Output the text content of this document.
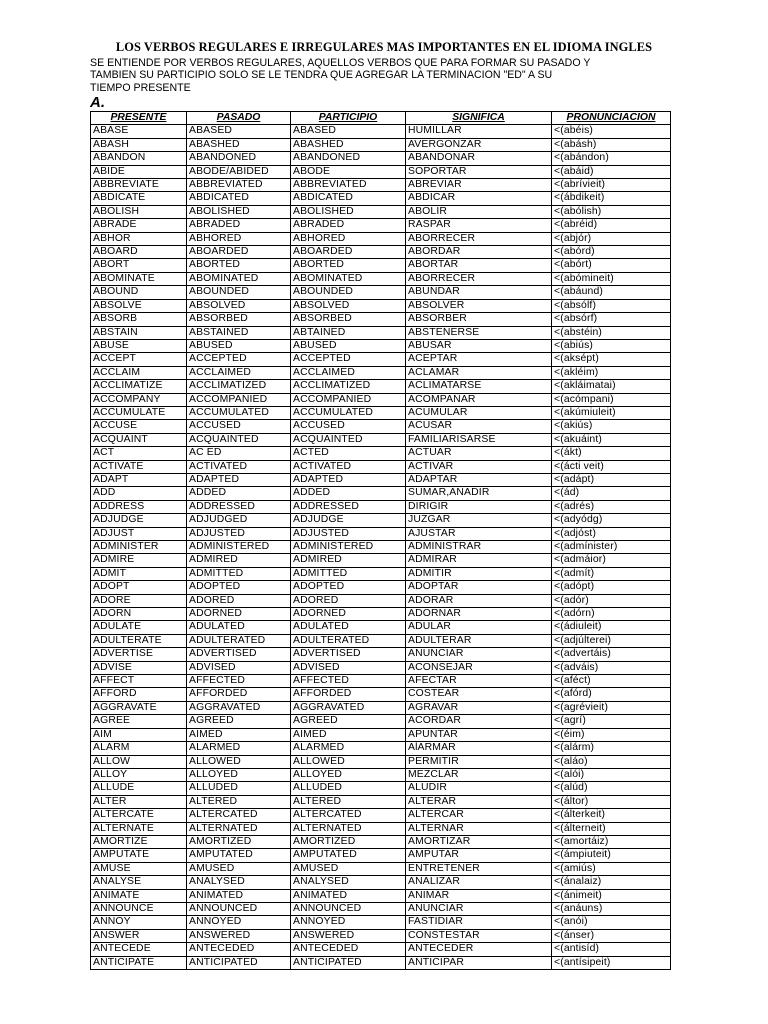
LOS VERBOS REGULARES E IRREGULARES MAS IMPORTANTES EN EL IDIOMA INGLES
SE ENTIENDE POR VERBOS REGULARES, AQUELLOS VERBOS QUE PARA FORMAR SU PASADO Y
TAMBIEN SU PARTICIPIO SOLO SE LE TENDRA QUE AGREGAR LA TERMINACION "ED" A SU
TIEMPO PRESENTE
A.
PRESENTE	PASADO	PARTICIPIO	SIGNIFICA	PRONUNCIACION
ABASE	ABASED	ABASED	HUMILLAR	<(abéis)
ABASH	ABASHED	ABASHED	AVERGONZAR	<(abásh)
ABANDON	ABANDONED	ABANDONED	ABANDONAR	<(abándon)
ABIDE	ABODE/ABIDED	ABODE	SOPORTAR	<(abáid)
ABBREVIATE	ABBREVIATED	ABBREVIATED	ABREVIAR	<(abrívieit)
ABDICATE	ABDICATED	ABDICATED	ABDICAR	<(ábdikeit)
ABOLISH	ABOLISHED	ABOLISHED	ABOLIR	<(abólish)
ABRADE	ABRADED	ABRADED	RASPAR	<(abréid)
ABHOR	ABHORED	ABHORED	ABORRECER	<(abjór)
ABOARD	ABOARDED	ABOARDED	ABORDAR	<(abórd)
ABORT	ABORTED	ABORTED	ABORTAR	<(abórt)
ABOMINATE	ABOMINATED	ABOMINATED	ABORRECER	<(abómineit)
ABOUND	ABOUNDED	ABOUNDED	ABUNDAR	<(abáund)
ABSOLVE	ABSOLVED	ABSOLVED	ABSOLVER	<(absólf)
ABSORB	ABSORBED	ABSORBED	ABSORBER	<(absórf)
ABSTAIN	ABSTAINED	ABTAINED	ABSTENERSE	<(abstéin)
ABUSE	ABUSED	ABUSED	ABUSAR	<(abiús)
ACCEPT	ACCEPTED	ACCEPTED	ACEPTAR	<(aksépt)
ACCLAIM	ACCLAIMED	ACCLAIMED	ACLAMAR	<(akléim)
ACCLIMATIZE	ACCLIMATIZED	ACCLIMATIZED	ACLIMATARSE	<(akláimatai)
ACCOMPANY	ACCOMPANIED	ACCOMPANIED	ACOMPAÑAR	<(acómpani)
ACCUMULATE	ACCUMULATED	ACCUMULATED	ACUMULAR	<(akúmiuleit)
ACCUSE	ACCUSED	ACCUSED	ACUSAR	<(akiús)
ACQUAINT	ACQUAINTED	ACQUAINTED	FAMILIARISARSE	<(akuáint)
ACT	AC ED	ACTED	ACTUAR	<(ákt)
ACTIVATE	ACTIVATED	ACTIVATED	ACTIVAR	<(ácti veit)
ADAPT	ADAPTED	ADAPTED	ADAPTAR	<(adápt)
ADD	ADDED	ADDED	SUMAR,AÑADIR	<(ád)
ADDRESS	ADDRESSED	ADDRESSED	DIRIGIR	<(adrés)
ADJUDGE	ADJUDGED	ADJUDGE	JUZGAR	<(adyódg)
ADJUST	ADJUSTED	ADJUSTED	AJUSTAR	<(adjóst)
ADMINISTER	ADMINISTERED	ADMINISTERED	ADMINISTRAR	<(admínister)
ADMIRE	ADMIRED	ADMIRED	ADMIRAR	<(admáior)
ADMIT	ADMITTED	ADMITTED	ADMITIR	<(admít)
ADOPT	ADOPTED	ADOPTED	ADOPTAR	<(adópt)
ADORE	ADORED	ADORED	ADORAR	<(adór)
ADORN	ADORNED	ADORNED	ADORNAR	<(adórn)
ADULATE	ADULATED	ADULATED	ADULAR	<(ádiuleit)
ADULTERATE	ADULTERATED	ADULTERATED	ADULTERAR	<(adjúlterei)
ADVERTISE	ADVERTISED	ADVERTISED	ANUNCIAR	<(advertáis)
ADVISE	ADVISED	ADVISED	ACONSEJAR	<(adváis)
AFFECT	AFFECTED	AFFECTED	AFECTAR	<(aféct)
AFFORD	AFFORDED	AFFORDED	COSTEAR	<(afórd)
AGGRAVATE	AGGRAVATED	AGGRAVATED	AGRAVAR	<(agréviеit)
AGREE	AGREED	AGREED	ACORDAR	<(agrí)
AIM	AIMED	AIMED	APUNTAR	<(éim)
ALARM	ALARMED	ALARMED	AlARMAR	<(alárm)
ALLOW	ALLOWED	ALLOWED	PERMITIR	<(aláo)
ALLOY	ALLOYED	ALLOYED	MEZCLAR	<(alói)
ALLUDE	ALLUDED	ALLUDED	ALUDIR	<(alúd)
ALTER	ALTERED	ALTERED	ALTERAR	<(áltor)
ALTERCATE	ALTERCATED	ALTERCATED	ALTERCAR	<(álterkeit)
ALTERNATE	ALTERNATED	ALTERNATED	ALTERNAR	<(álterneit)
AMORTIZE	AMORTIZED	AMORTIZED	AMORTIZAR	<(amortáiz)
AMPUTATE	AMPUTATED	AMPUTATED	AMPUTAR	<(ámpiuteit)
AMUSE	AMUSED	AMUSED	ENTRETENER	<(amiús)
ANALYSE	ANALYSED	ANALYSED	ANALIZAR	<(ánalaiz)
ANIMATE	ANIMATED	ANIMATED	ANIMAR	<(ánimeit)
ANNOUNCE	ANNOUNCED	ANNOUNCED	ANUNCIAR	<(anáuns)
ANNOY	ANNOYED	ANNOYED	FASTIDIAR	<(anói)
ANSWER	ANSWERED	ANSWERED	CONSTESTAR	<(ánser)
ANTECEDE	ANTECEDED	ANTECEDED	ANTECEDER	<(antisíd)
ANTICIPATE	ANTICIPATED	ANTICIPATED	ANTICIPAR	<(antísipeit)
